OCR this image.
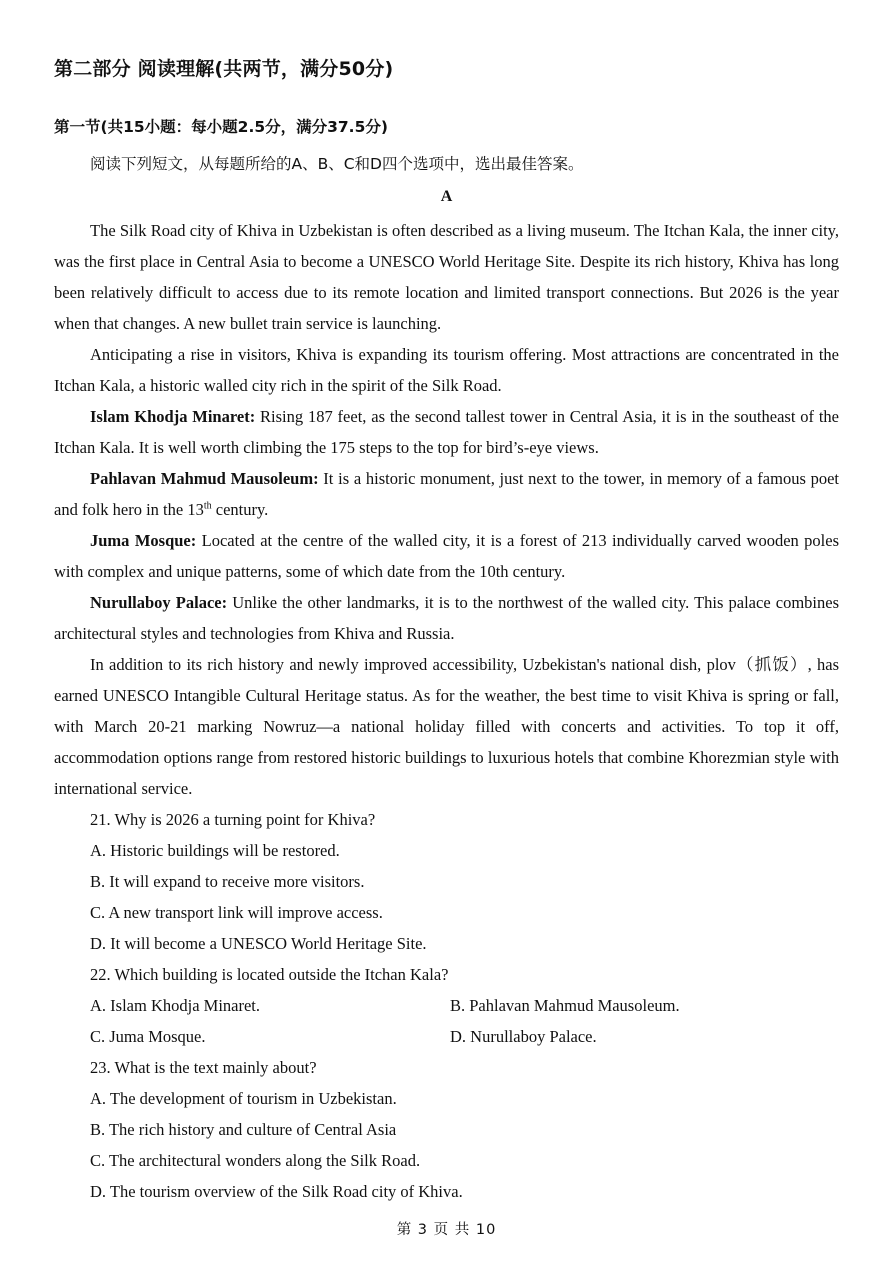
第二部分 阅读理解(共两节，满分50分)
第一节(共15小题：每小题2.5分，满分37.5分)
阅读下列短文，从每题所给的A、B、C和D四个选项中，选出最佳答案。
A

The Silk Road city of Khiva in Uzbekistan is often described as a living museum. The Itchan Kala, the inner city, was the first place in Central Asia to become a UNESCO World Heritage Site. Despite its rich history, Khiva has long been relatively difficult to access due to its remote location and limited transport connections. But 2026 is the year when that changes. A new bullet train service is launching.

Anticipating a rise in visitors, Khiva is expanding its tourism offering. Most attractions are concentrated in the Itchan Kala, a historic walled city rich in the spirit of the Silk Road.

Islam Khodja Minaret: Rising 187 feet, as the second tallest tower in Central Asia, it is in the southeast of the Itchan Kala. It is well worth climbing the 175 steps to the top for bird’s-eye views.

Pahlavan Mahmud Mausoleum: It is a historic monument, just next to the tower, in memory of a famous poet and folk hero in the 13th century.

Juma Mosque: Located at the centre of the walled city, it is a forest of 213 individually carved wooden poles with complex and unique patterns, some of which date from the 10th century.

Nurullaboy Palace: Unlike the other landmarks, it is to the northwest of the walled city. This palace combines architectural styles and technologies from Khiva and Russia.

In addition to its rich history and newly improved accessibility, Uzbekistan's national dish, plov（抓饭）, has earned UNESCO Intangible Cultural Heritage status. As for the weather, the best time to visit Khiva is spring or fall, with March 20-21 marking Nowruz—a national holiday filled with concerts and activities. To top it off, accommodation options range from restored historic buildings to luxurious hotels that combine Khorezmian style with international service.

21. Why is 2026 a turning point for Khiva?

A. Historic buildings will be restored.

B. It will expand to receive more visitors.

C. A new transport link will improve access.

D. It will become a UNESCO World Heritage Site.

22. Which building is located outside the Itchan Kala?

A. Islam Khodja Minaret.	B. Pahlavan Mahmud Mausoleum.
C. Juma Mosque.	D. Nurullaboy Palace.

23. What is the text mainly about?

A. The development of tourism in Uzbekistan.

B. The rich history and culture of Central Asia

C. The architectural wonders along the Silk Road.

D. The tourism overview of the Silk Road city of Khiva.

第 3 页 共 10
